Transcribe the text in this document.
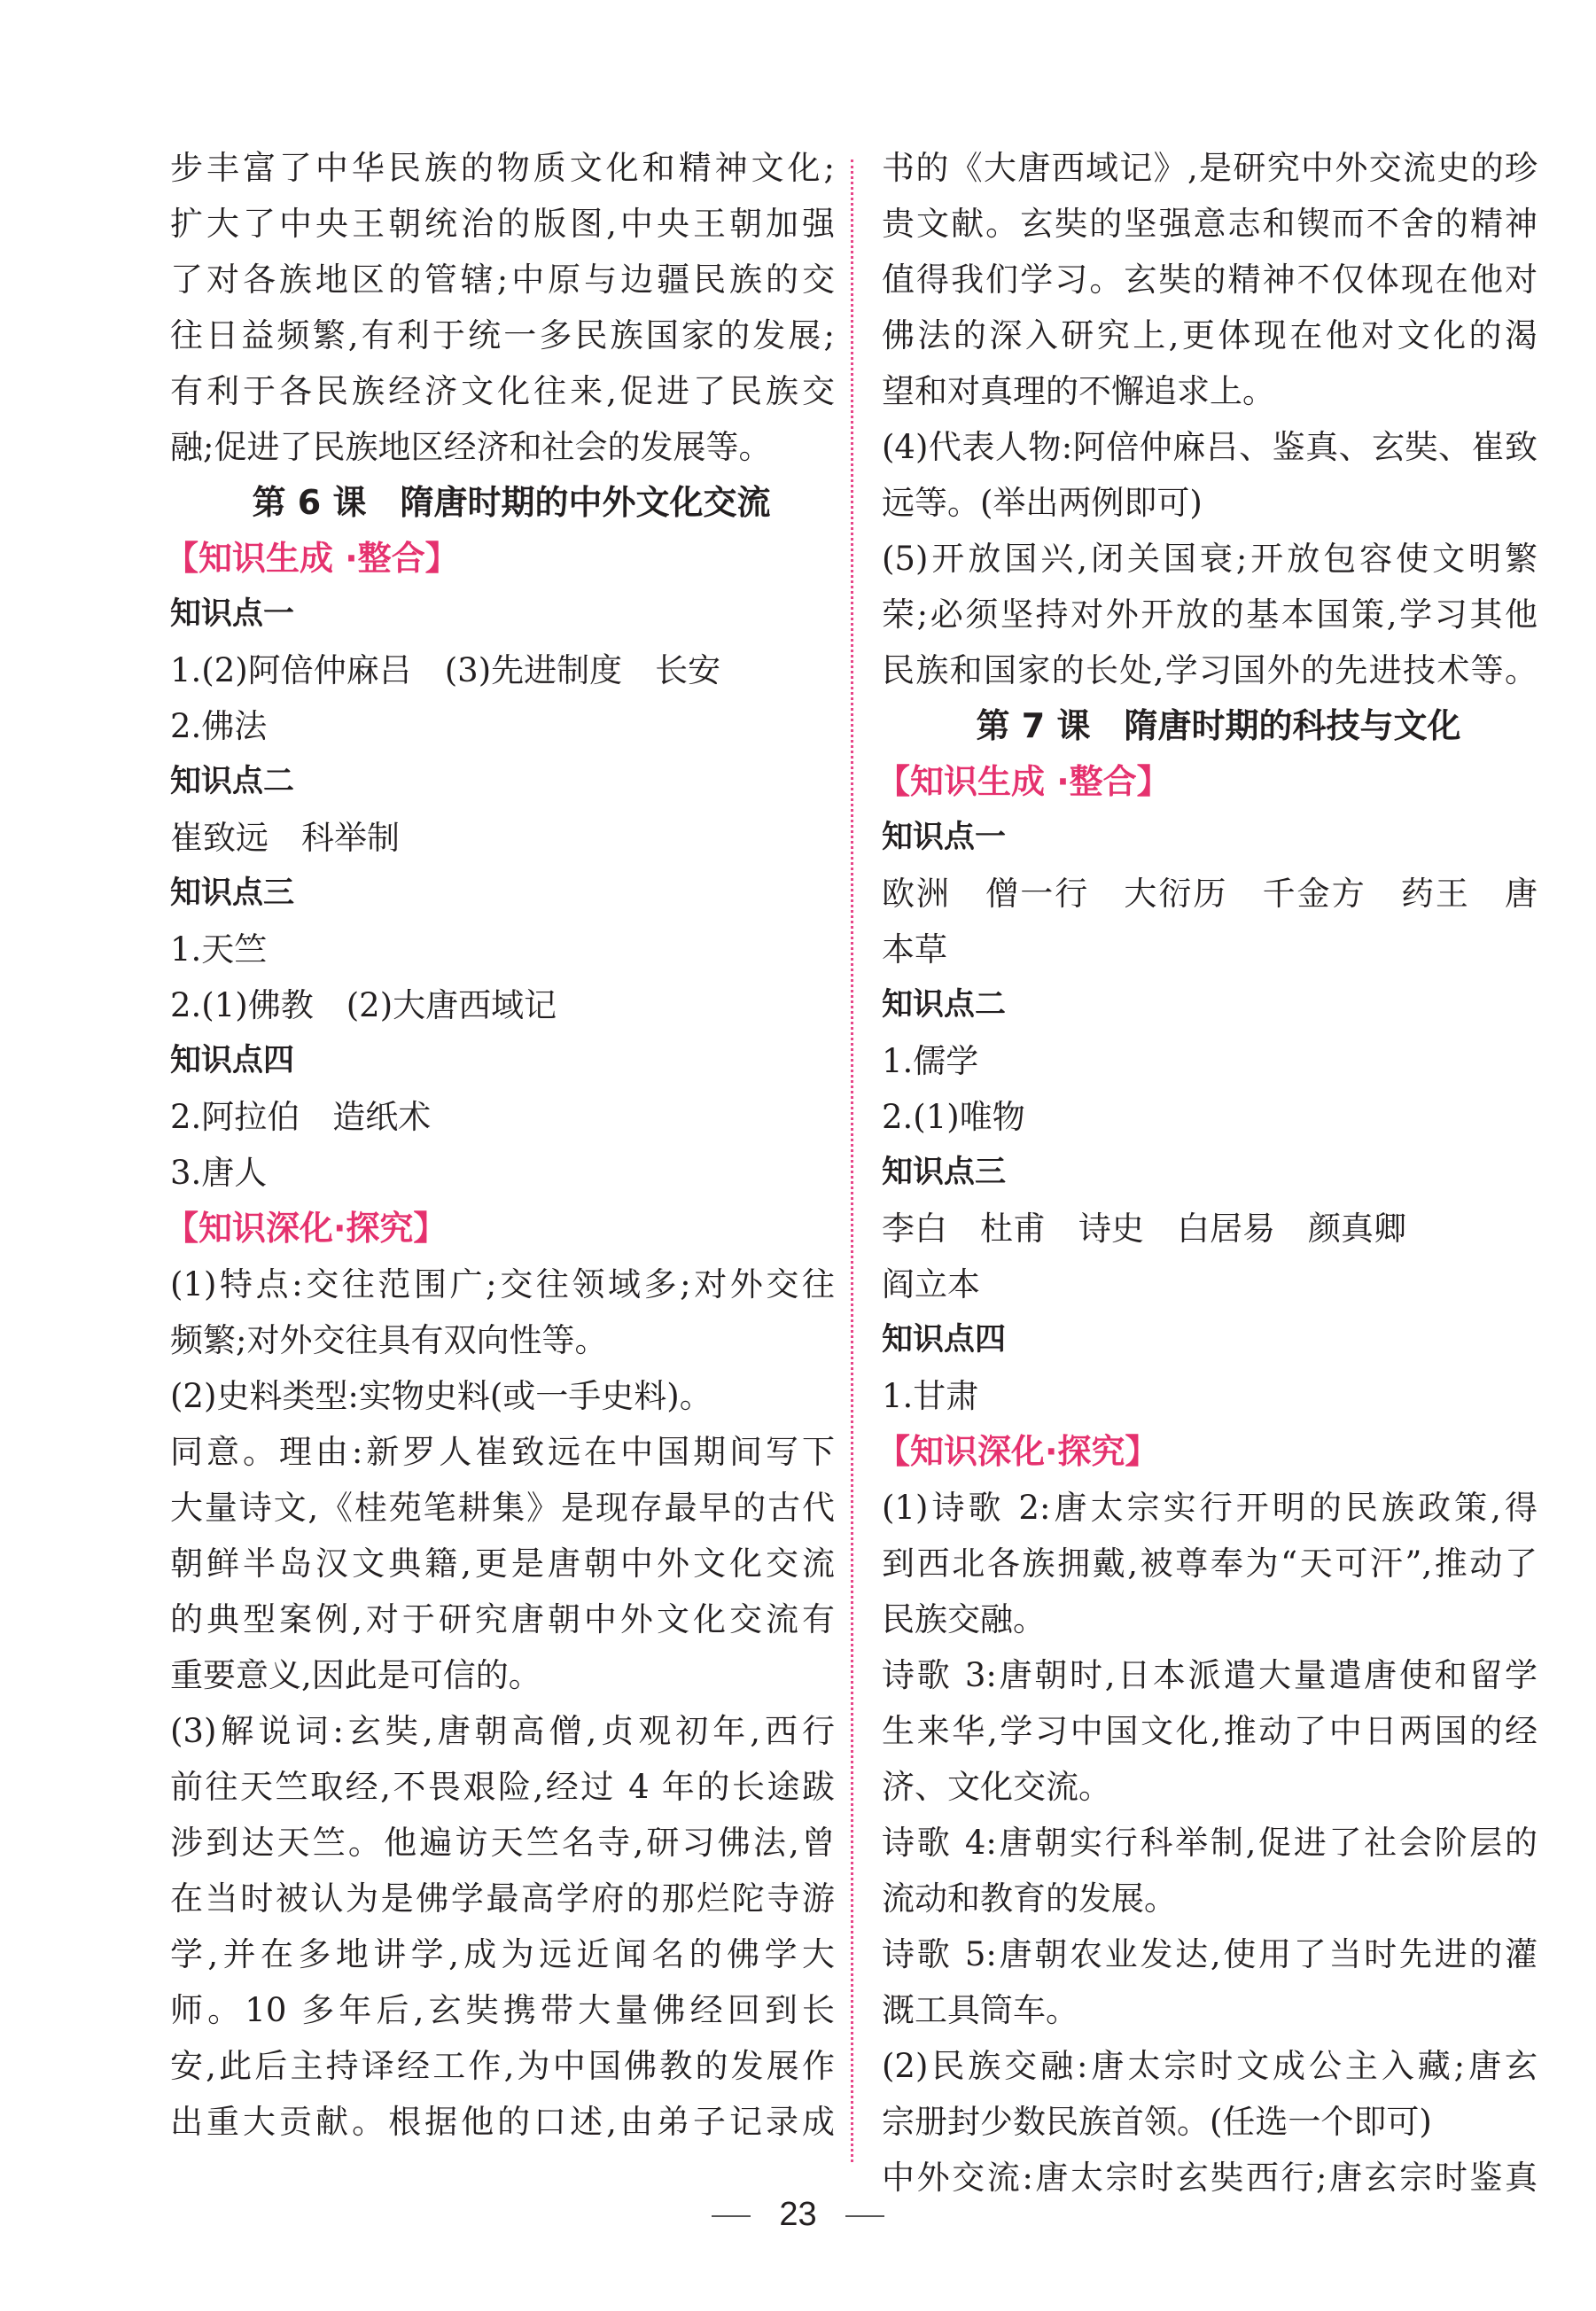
步丰富了中华民族的物质文化和精神文化;
扩大了中央王朝统治的版图,中央王朝加强
了对各族地区的管辖;中原与边疆民族的交
往日益频繁,有利于统一多民族国家的发展;
有利于各民族经济文化往来,促进了民族交
融;促进了民族地区经济和社会的发展等。
第 6 课　隋唐时期的中外文化交流
【知识生成 ·整合】
知识点一
1.(2)阿倍仲麻吕　(3)先进制度　长安
2.佛法
知识点二
崔致远　科举制
知识点三
1.天竺
2.(1)佛教　(2)大唐西域记
知识点四
2.阿拉伯　造纸术
3.唐人
【知识深化·探究】
(1)特点:交往范围广;交往领域多;对外交往
频繁;对外交往具有双向性等。
(2)史料类型:实物史料(或一手史料)。
同意。理由:新罗人崔致远在中国期间写下
大量诗文,《桂苑笔耕集》是现存最早的古代
朝鲜半岛汉文典籍,更是唐朝中外文化交流
的典型案例,对于研究唐朝中外文化交流有
重要意义,因此是可信的。
(3)解说词:玄奘,唐朝高僧,贞观初年,西行
前往天竺取经,不畏艰险,经过 4 年的长途跋
涉到达天竺。他遍访天竺名寺,研习佛法,曾
在当时被认为是佛学最高学府的那烂陀寺游
学,并在多地讲学,成为远近闻名的佛学大
师。10 多年后,玄奘携带大量佛经回到长
安,此后主持译经工作,为中国佛教的发展作
出重大贡献。根据他的口述,由弟子记录成
书的《大唐西域记》,是研究中外交流史的珍
贵文献。玄奘的坚强意志和锲而不舍的精神
值得我们学习。玄奘的精神不仅体现在他对
佛法的深入研究上,更体现在他对文化的渴
望和对真理的不懈追求上。
(4)代表人物:阿倍仲麻吕、鉴真、玄奘、崔致
远等。(举出两例即可)
(5)开放国兴,闭关国衰;开放包容使文明繁
荣;必须坚持对外开放的基本国策,学习其他
民族和国家的长处,学习国外的先进技术等。
第 7 课　隋唐时期的科技与文化
【知识生成 ·整合】
知识点一
欧洲　僧一行　大衍历　千金方　药王　唐
本草
知识点二
1.儒学
2.(1)唯物
知识点三
李白　杜甫　诗史　白居易　颜真卿
阎立本
知识点四
1.甘肃
【知识深化·探究】
(1)诗歌 2:唐太宗实行开明的民族政策,得
到西北各族拥戴,被尊奉为“天可汗”,推动了
民族交融。
诗歌 3:唐朝时,日本派遣大量遣唐使和留学
生来华,学习中国文化,推动了中日两国的经
济、文化交流。
诗歌 4:唐朝实行科举制,促进了社会阶层的
流动和教育的发展。
诗歌 5:唐朝农业发达,使用了当时先进的灌
溉工具筒车。
(2)民族交融:唐太宗时文成公主入藏;唐玄
宗册封少数民族首领。(任选一个即可)
中外交流:唐太宗时玄奘西行;唐玄宗时鉴真
23
